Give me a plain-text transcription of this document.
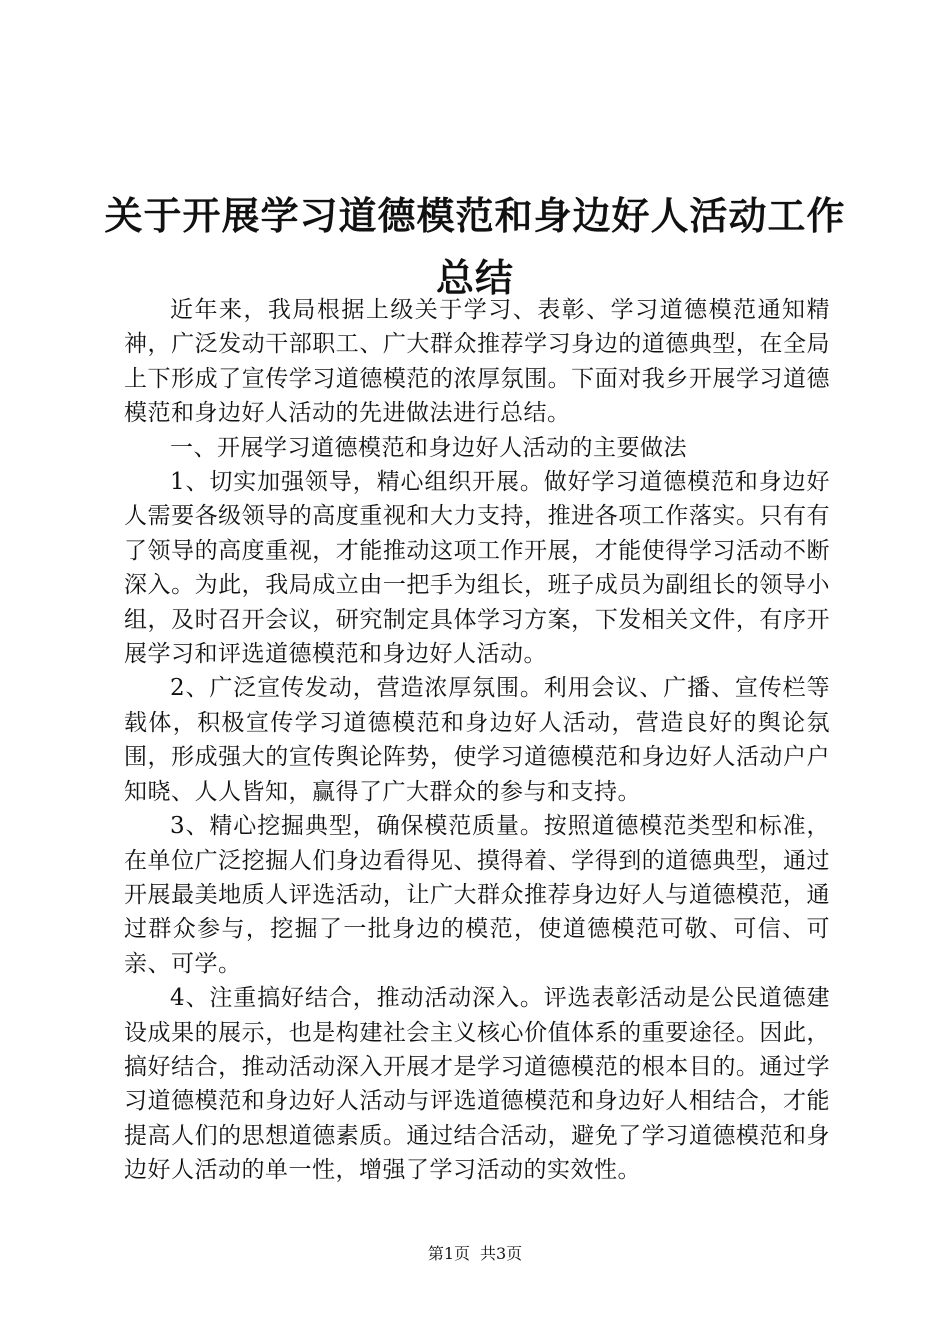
关于开展学习道德模范和身边好人活动工作总结

近年来，我局根据上级关于学习、表彰、学习道德模范通知精神，广泛发动干部职工、广大群众推荐学习身边的道德典型，在全局上下形成了宣传学习道德模范的浓厚氛围。下面对我乡开展学习道德模范和身边好人活动的先进做法进行总结。

一、开展学习道德模范和身边好人活动的主要做法

1、切实加强领导，精心组织开展。做好学习道德模范和身边好人需要各级领导的高度重视和大力支持，推进各项工作落实。只有有了领导的高度重视，才能推动这项工作开展，才能使得学习活动不断深入。为此，我局成立由一把手为组长，班子成员为副组长的领导小组，及时召开会议，研究制定具体学习方案，下发相关文件，有序开展学习和评选道德模范和身边好人活动。

2、广泛宣传发动，营造浓厚氛围。利用会议、广播、宣传栏等载体，积极宣传学习道德模范和身边好人活动，营造良好的舆论氛围，形成强大的宣传舆论阵势，使学习道德模范和身边好人活动户户知晓、人人皆知，赢得了广大群众的参与和支持。

3、精心挖掘典型，确保模范质量。按照道德模范类型和标准，在单位广泛挖掘人们身边看得见、摸得着、学得到的道德典型，通过开展最美地质人评选活动，让广大群众推荐身边好人与道德模范，通过群众参与，挖掘了一批身边的模范，使道德模范可敬、可信、可亲、可学。

4、注重搞好结合，推动活动深入。评选表彰活动是公民道德建设成果的展示，也是构建社会主义核心价值体系的重要途径。因此，搞好结合，推动活动深入开展才是学习道德模范的根本目的。通过学习道德模范和身边好人活动与评选道德模范和身边好人相结合，才能提高人们的思想道德素质。通过结合活动，避免了学习道德模范和身边好人活动的单一性，增强了学习活动的实效性。

第1页 共3页
